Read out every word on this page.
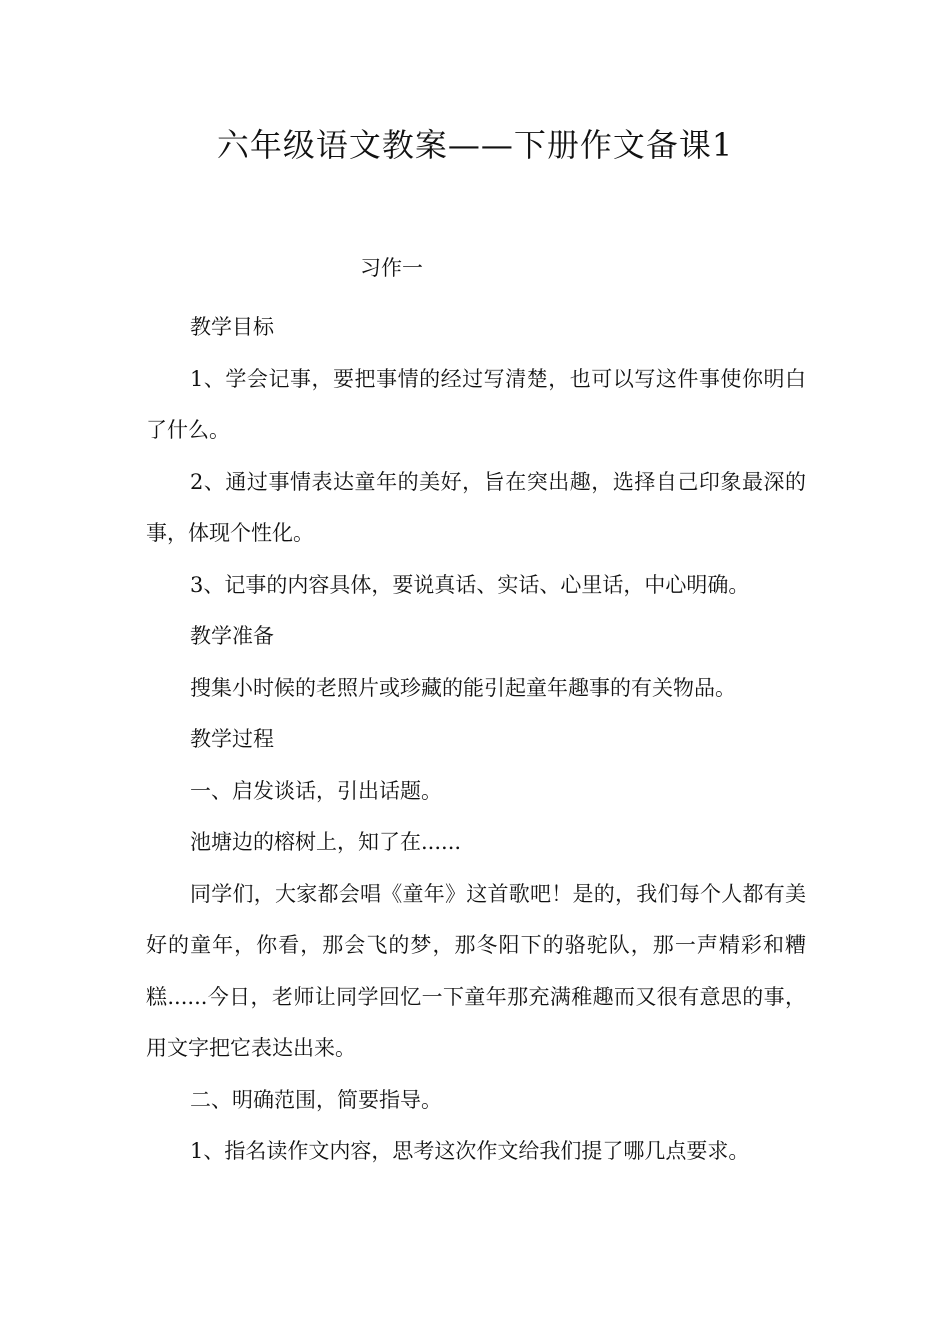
六年级语文教案——下册作文备课1
习作一

教学目标

1、学会记事，要把事情的经过写清楚，也可以写这件事使你明白了什么。

2、通过事情表达童年的美好，旨在突出趣，选择自己印象最深的事，体现个性化。

3、记事的内容具体，要说真话、实话、心里话，中心明确。

教学准备

搜集小时候的老照片或珍藏的能引起童年趣事的有关物品。

教学过程

一、启发谈话，引出话题。

池塘边的榕树上，知了在......

同学们，大家都会唱《童年》这首歌吧！是的，我们每个人都有美好的童年，你看，那会飞的梦，那冬阳下的骆驼队，那一声精彩和糟糕......今日，老师让同学回忆一下童年那充满稚趣而又很有意思的事，用文字把它表达出来。

二、明确范围，简要指导。

1、指名读作文内容，思考这次作文给我们提了哪几点要求。
